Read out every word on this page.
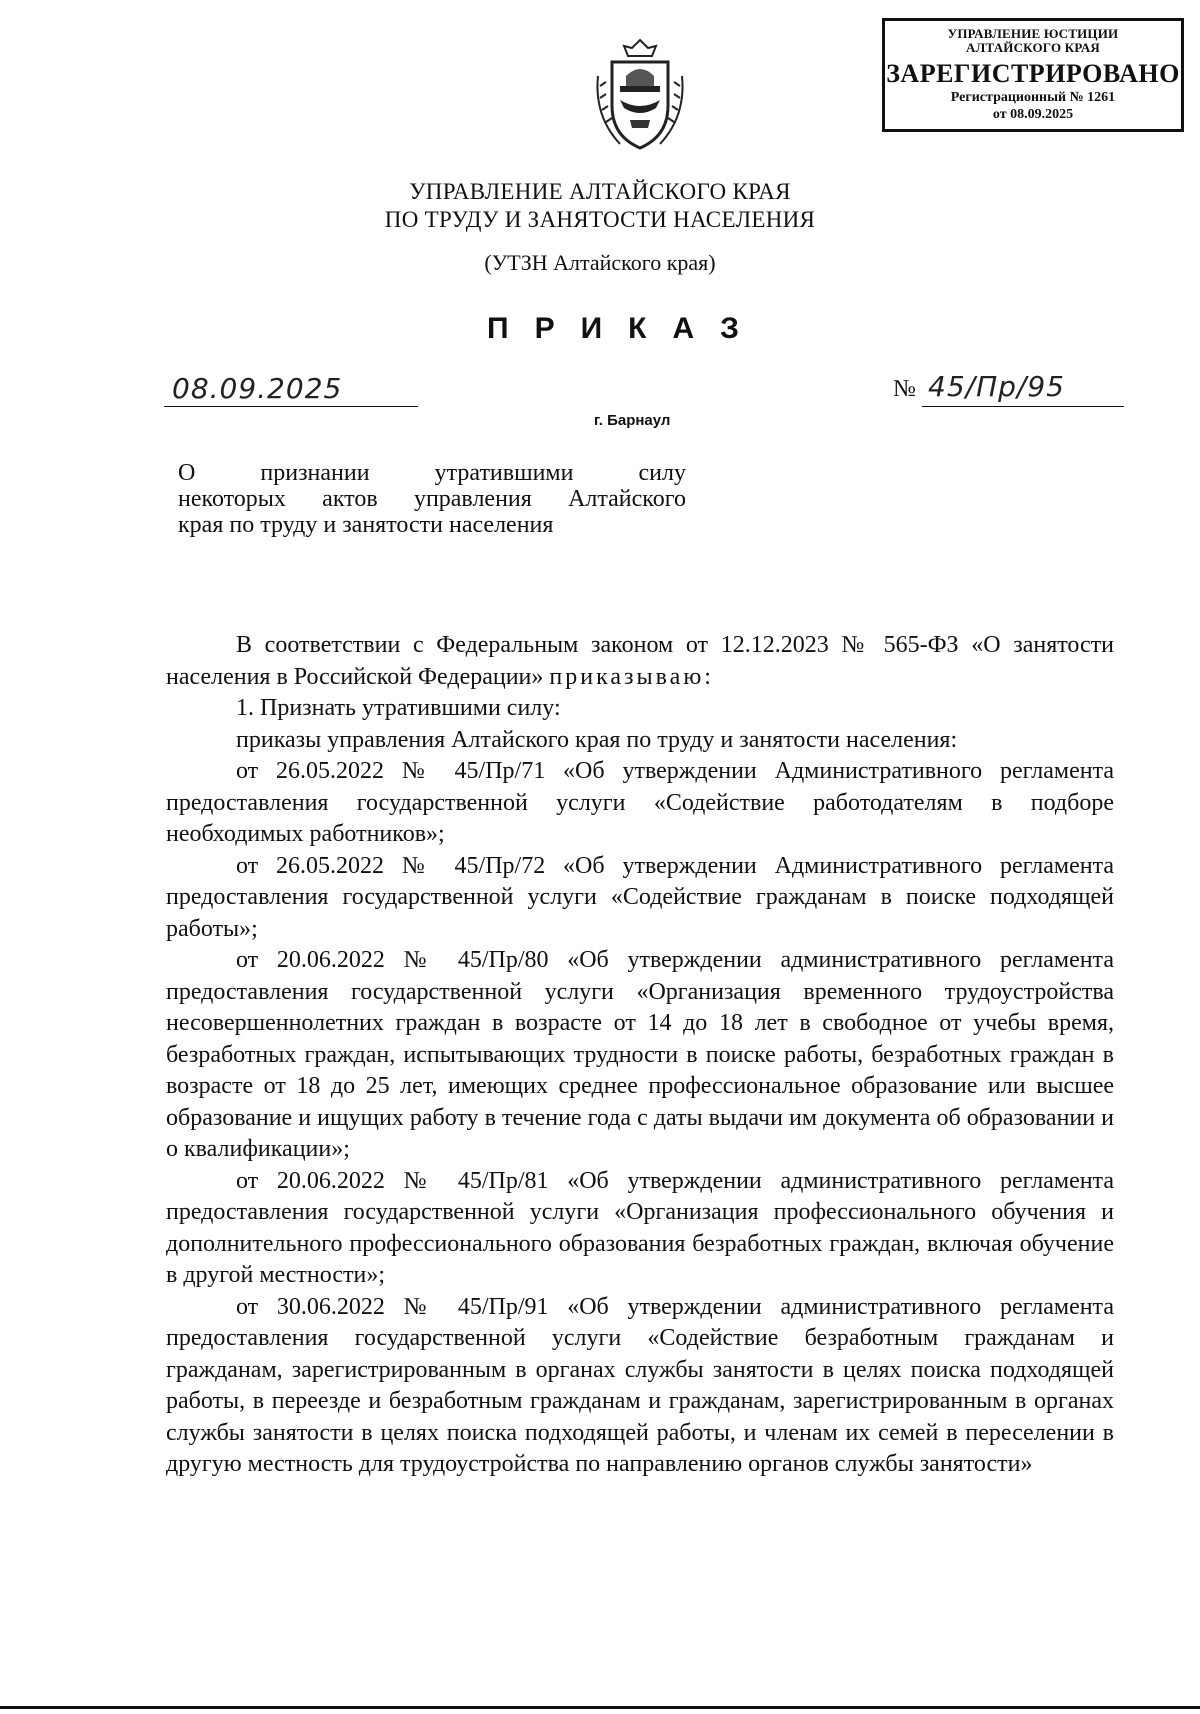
УПРАВЛЕНИЕ ЮСТИЦИИ
АЛТАЙСКОГО КРАЯ
ЗАРЕГИСТРИРОВАНО
Регистрационный № 1261
от 08.09.2025
УПРАВЛЕНИЕ АЛТАЙСКОГО КРАЯ
ПО ТРУДУ И ЗАНЯТОСТИ НАСЕЛЕНИЯ
(УТЗН Алтайского края)
ПРИКАЗ
08.09.2025	№ 45/Пр/95
г. Барнаул
О признании утратившими силу
некоторых актов управления Алтайского
края по труду и занятости населения

В соответствии с Федеральным законом от 12.12.2023 № 565-ФЗ «О занятости населения в Российской Федерации» приказываю:

1. Признать утратившими силу:

приказы управления Алтайского края по труду и занятости населения:

от 26.05.2022 № 45/Пр/71 «Об утверждении Административного регламента предоставления государственной услуги «Содействие работодателям в подборе необходимых работников»;

от 26.05.2022 № 45/Пр/72 «Об утверждении Административного регламента предоставления государственной услуги «Содействие гражданам в поиске подходящей работы»;

от 20.06.2022 № 45/Пр/80 «Об утверждении административного регламента предоставления государственной услуги «Организация временного трудоустройства несовершеннолетних граждан в возрасте от 14 до 18 лет в свободное от учебы время, безработных граждан, испытывающих трудности в поиске работы, безработных граждан в возрасте от 18 до 25 лет, имеющих среднее профессиональное образование или высшее образование и ищущих работу в течение года с даты выдачи им документа об образовании и о квалификации»;

от 20.06.2022 № 45/Пр/81 «Об утверждении административного регламента предоставления государственной услуги «Организация профессионального обучения и дополнительного профессионального образования безработных граждан, включая обучение в другой местности»;

от 30.06.2022 № 45/Пр/91 «Об утверждении административного регламента предоставления государственной услуги «Содействие безработным гражданам и гражданам, зарегистрированным в органах службы занятости в целях поиска подходящей работы, в переезде и безработным гражданам и гражданам, зарегистрированным в органах службы занятости в целях поиска подходящей работы, и членам их семей в переселении в другую местность для трудоустройства по направлению органов службы занятости»
